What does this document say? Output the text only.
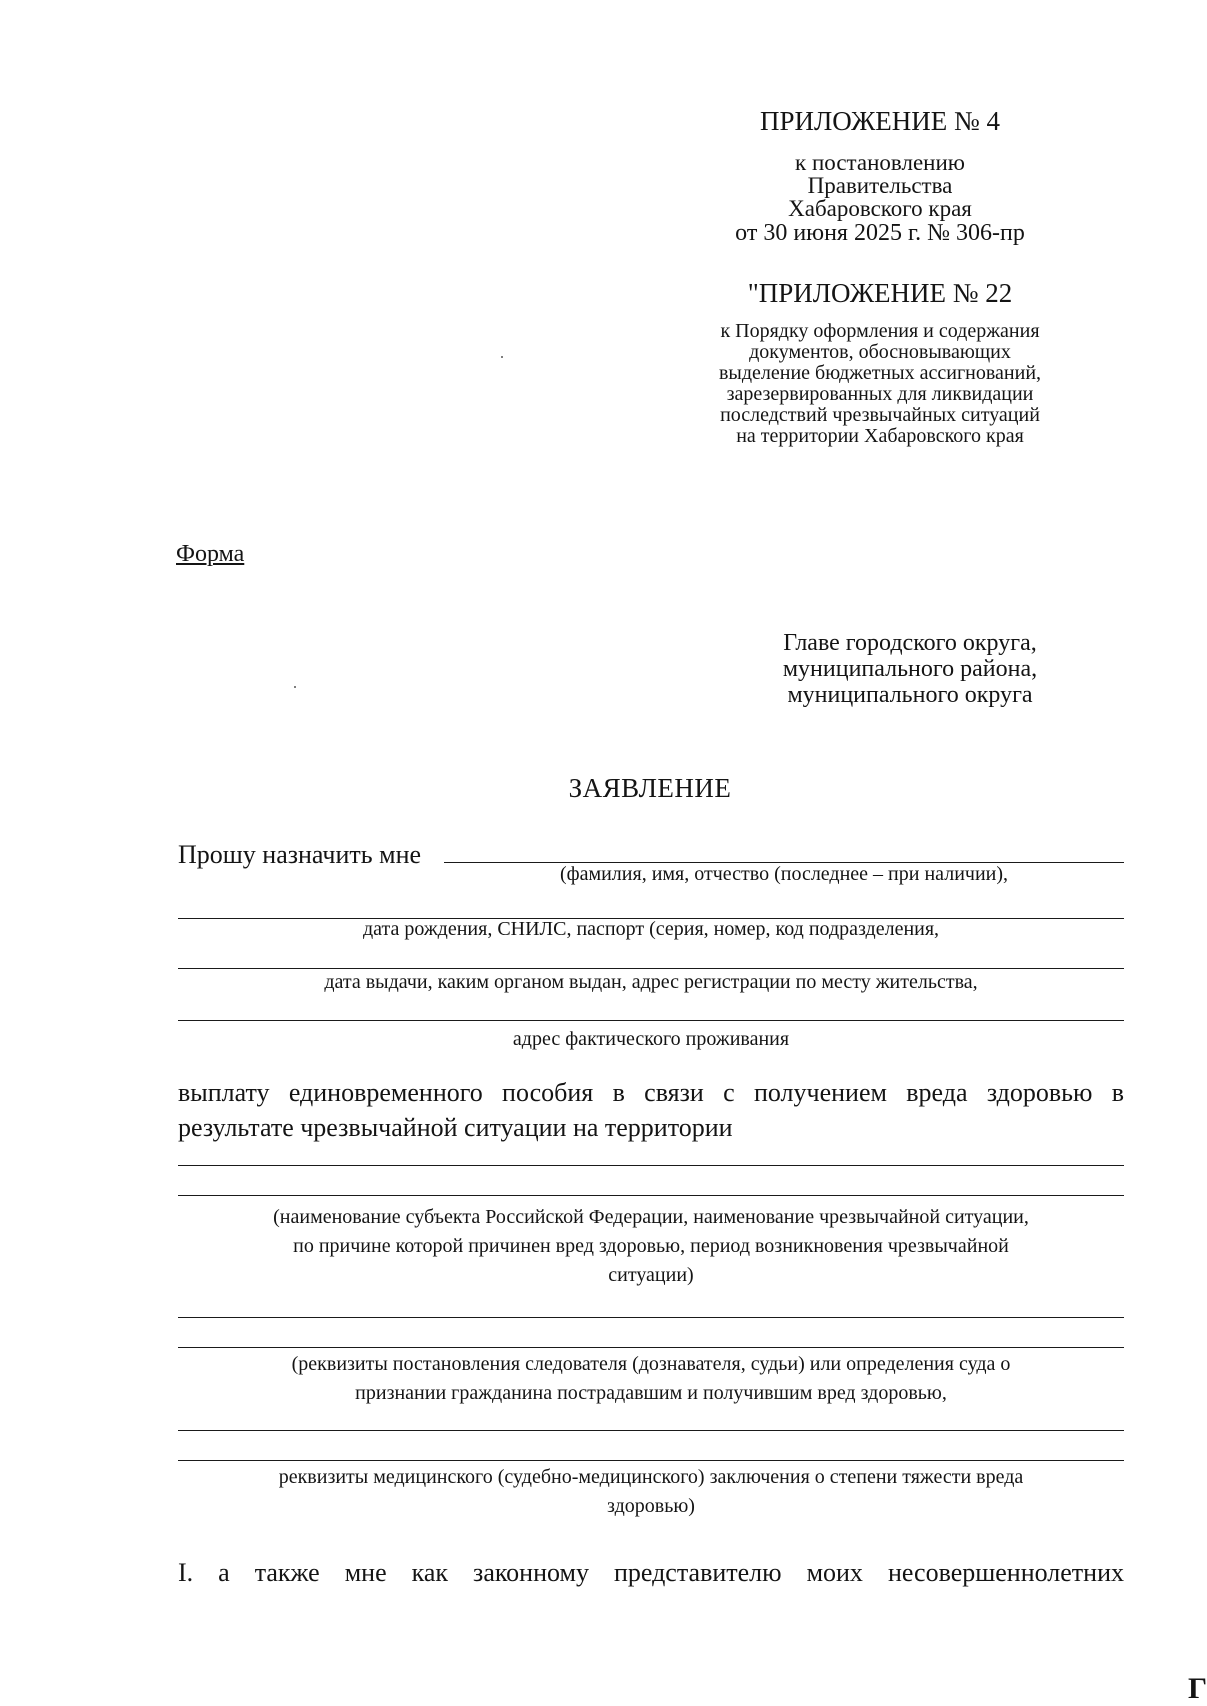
ПРИЛОЖЕНИЕ № 4
к постановлению
Правительства
Хабаровского края
от 30 июня 2025 г. № 306-пр
"ПРИЛОЖЕНИЕ № 22
к Порядку оформления и содержания
документов, обосновывающих
выделение бюджетных ассигнований,
зарезервированных для ликвидации
последствий чрезвычайных ситуаций
на территории Хабаровского края
Форма
Главе городского округа,
муниципального района,
муниципального округа
ЗАЯВЛЕНИЕ
Прошу назначить мне
(фамилия, имя, отчество (последнее – при наличии),
дата рождения, СНИЛС, паспорт (серия, номер, код подразделения,
дата выдачи, каким органом выдан, адрес регистрации по месту жительства,
адрес фактического проживания
выплату единовременного пособия в связи с получением вреда здоровью в
результате чрезвычайной ситуации на территории
(наименование субъекта Российской Федерации, наименование чрезвычайной ситуации,
по причине которой причинен вред здоровью, период возникновения чрезвычайной
ситуации)
(реквизиты постановления следователя (дознавателя, судьи) или определения суда о
признании гражданина пострадавшим и получившим вред здоровью,
реквизиты медицинского (судебно-медицинского) заключения о степени тяжести вреда
здоровью)
I. а также мне как законному представителю моих несовершеннолетних
Г
